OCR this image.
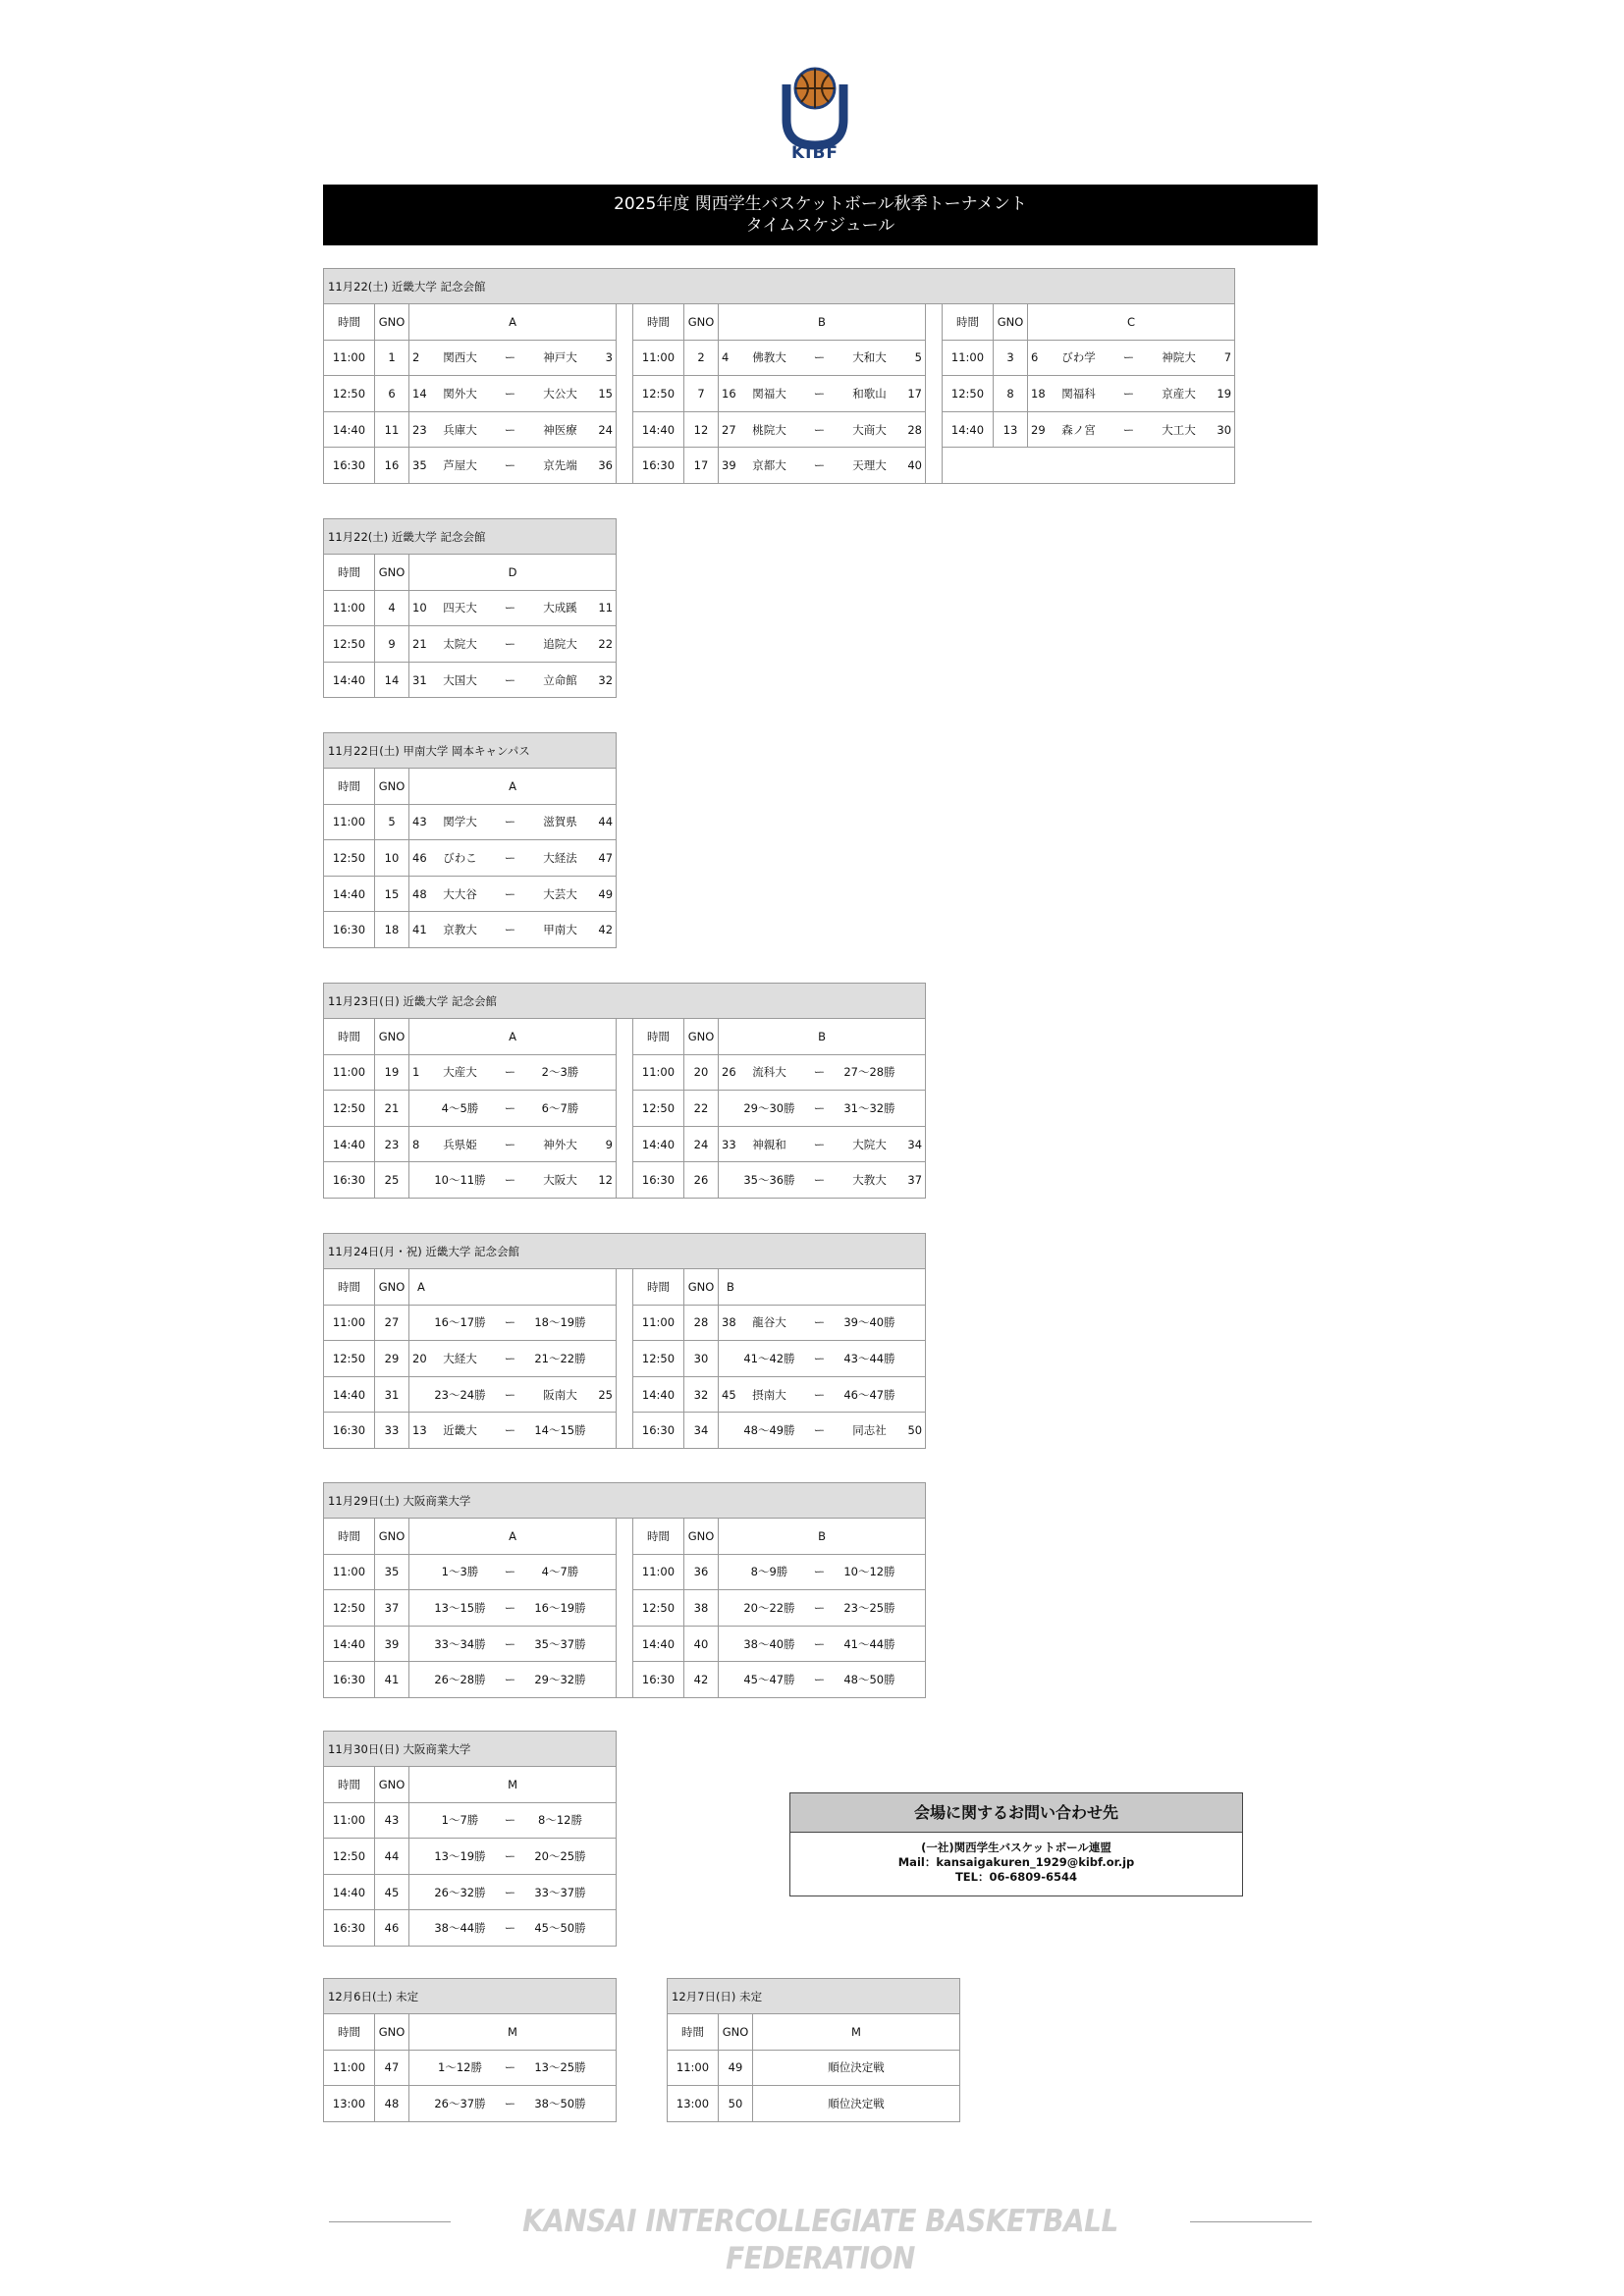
KIBF
2025年度 関西学生バスケットボール秋季トーナメント
タイムスケジュール
11月22(土) 近畿大学 記念会館																						
時間	GNO	A						時間	GNO	B						時間	GNO	C				
11:00	1	2	関西大	ー	神戸大	3		11:00	2	4	佛教大	ー	大和大	5		11:00	3	6	びわ学	ー	神院大	7
12:50	6	14	関外大	ー	大公大	15		12:50	7	16	関福大	ー	和歌山	17		12:50	8	18	関福科	ー	京産大	19
14:40	11	23	兵庫大	ー	神医療	24		14:40	12	27	桃院大	ー	大商大	28		14:40	13	29	森ノ宮	ー	大工大	30
16:30	16	35	芦屋大	ー	京先端	36		16:30	17	39	京都大	ー	天理大	40								
11月22(土) 近畿大学 記念会館						
時間	GNO	D				
11:00	4	10	四天大	ー	大成蹊	11
12:50	9	21	太院大	ー	追院大	22
14:40	14	31	大国大	ー	立命館	32
11月22日(土) 甲南大学 岡本キャンパス						
時間	GNO	A				
11:00	5	43	関学大	ー	滋賀県	44
12:50	10	46	びわこ	ー	大経法	47
14:40	15	48	大大谷	ー	大芸大	49
16:30	18	41	京教大	ー	甲南大	42
11月23日(日) 近畿大学 記念会館														
時間	GNO	A						時間	GNO	B				
11:00	19	1	大産大	ー	2～3勝			11:00	20	26	流科大	ー	27～28勝	
12:50	21		4～5勝	ー	6～7勝			12:50	22		29～30勝	ー	31～32勝	
14:40	23	8	兵県姫	ー	神外大	9		14:40	24	33	神親和	ー	大院大	34
16:30	25		10～11勝	ー	大阪大	12		16:30	26		35～36勝	ー	大教大	37
11月24日(月・祝) 近畿大学 記念会館														
時間	GNO	A						時間	GNO	B				
11:00	27		16～17勝	ー	18～19勝			11:00	28	38	龍谷大	ー	39～40勝	
12:50	29	20	大経大	ー	21～22勝			12:50	30		41～42勝	ー	43～44勝	
14:40	31		23～24勝	ー	阪南大	25		14:40	32	45	摂南大	ー	46～47勝	
16:30	33	13	近畿大	ー	14～15勝			16:30	34		48～49勝	ー	同志社	50
11月29日(土) 大阪商業大学														
時間	GNO	A						時間	GNO	B				
11:00	35		1～3勝	ー	4～7勝			11:00	36		8～9勝	ー	10～12勝	
12:50	37		13～15勝	ー	16～19勝			12:50	38		20～22勝	ー	23～25勝	
14:40	39		33～34勝	ー	35～37勝			14:40	40		38～40勝	ー	41～44勝	
16:30	41		26～28勝	ー	29～32勝			16:30	42		45～47勝	ー	48～50勝	
11月30日(日) 大阪商業大学						
時間	GNO	M				
11:00	43		1～7勝	ー	8～12勝	
12:50	44		13～19勝	ー	20～25勝	
14:40	45		26～32勝	ー	33～37勝	
16:30	46		38～44勝	ー	45～50勝	
12月6日(土) 未定						
時間	GNO	M				
11:00	47		1～12勝	ー	13～25勝	
13:00	48		26～37勝	ー	38～50勝	
12月7日(日) 未定		
時間	GNO	M
11:00	49	順位決定戦
13:00	50	順位決定戦
会場に関するお問い合わせ先
(一社)関西学生バスケットボール連盟
Mail：kansaigakuren_1929@kibf.or.jp
TEL：06-6809-6544
KANSAI INTERCOLLEGIATE BASKETBALL FEDERATION
